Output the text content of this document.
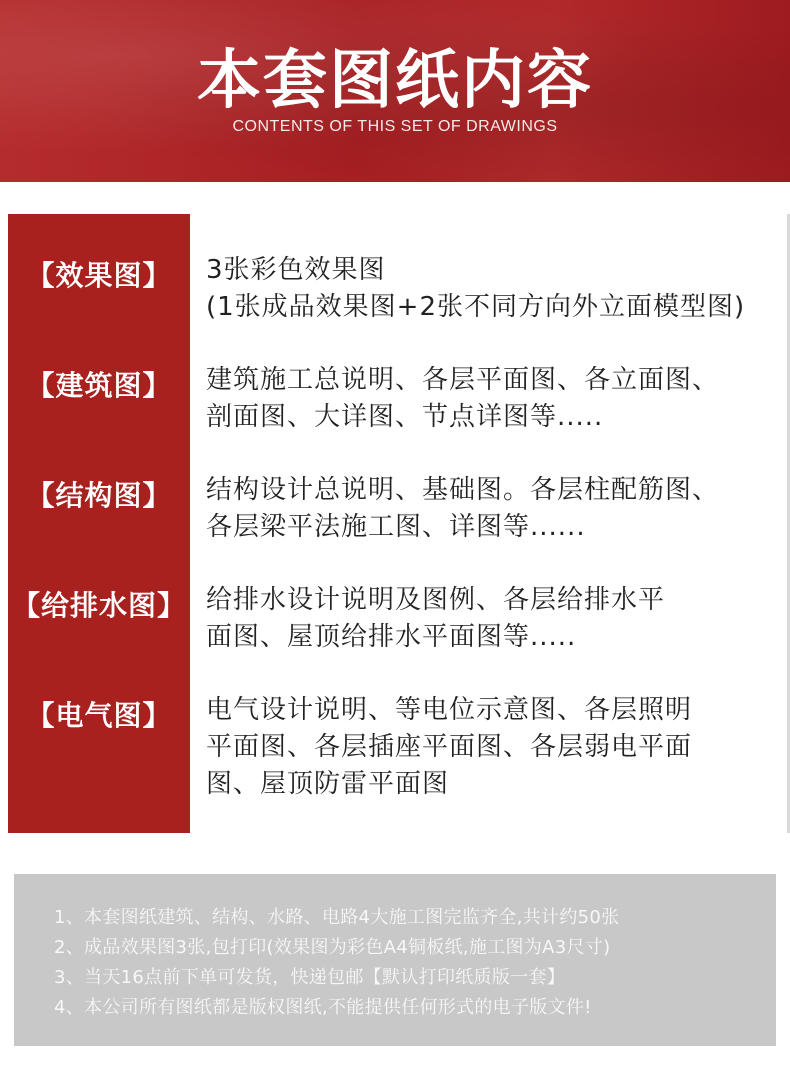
本套图纸内容
CONTENTS OF THIS SET OF DRAWINGS
【效果图】	3张彩色效果图
(1张成品效果图+2张不同方向外立面模型图)
【建筑图】	建筑施工总说明、各层平面图、各立面图、
剖面图、大详图、节点详图等.....
【结构图】	结构设计总说明、基础图。各层柱配筋图、
各层梁平法施工图、详图等......
【给排水图】 给排水设计说明及图例、各层给排水平
面图、屋顶给排水平面图等.....
【电气图】	电气设计说明、等电位示意图、各层照明
平面图、各层插座平面图、各层弱电平面
图、屋顶防雷平面图
1、本套图纸建筑、结构、水路、电路4大施工图完监齐全,共计约50张
2、成品效果图3张,包打印(效果图为彩色A4铜板纸,施工图为A3尺寸)
3、当天16点前下单可发货，快递包邮【默认打印纸质版一套】
4、本公司所有图纸都是版权图纸,不能提供任何形式的电子版文件!
